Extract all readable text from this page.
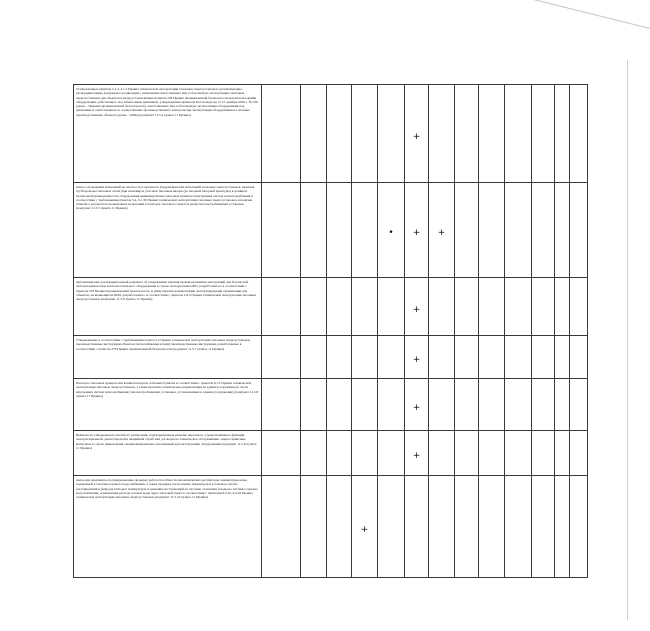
Установленные пунктом 2.1.2, 2.1.3 Правил технической эксплуатации тепловых энергоустановок организационно-распорядительные документы организации о назначении ответственных лиц за безопасную эксплуатацию тепловых энергоустановок для объектов и (или) установленные пунктом 228 Правил промышленной безопасности при использовании оборудования, работающего под избыточным давлением, утвержденных приказом Ростехнадзора от 15 декабря 2020 г. № 536 (далее – Правила промышленной безопасности), ответственных лиц за безопасную эксплуатацию оборудования под давлением и ответственных за осуществление производственного контроля при эксплуатации оборудования на опасных производственных объектах (далее – ОПО) (подпункт 11.5.4 пункта 11 Правил)						+							
Акты о проведении испытаний на плотность и прочность (гидравлических испытаний тепловых энергоустановок, включая трубопроводы тепловых сетей (при наличии) и участков тепловых вводов (до входной запорной арматуры) в границах балансовой принадлежности, оборудования индивидуальных тепловых пунктов и внутренних систем теплопотребления в соответствии с требованиями пунктов 5.4, 9.1.39 Правил технической эксплуатации тепловых энергоустановок и наличие записей о результатах проведенных испытаний в паспорте теплового пункта и (или) теплопотребляющих установок (подпункт 11.5.5 пункта 11 Правил)					•	+	+						
Организационно-распорядительный документ об утверждении перечня производственных инструкций для безопасной эксплуатации котлов и вспомогательного оборудования в случае эксплуатации ОПО, разработанного в соответствии с пунктом 278 Правил промышленной безопасности, и (или) перечня документации эксплуатирующей организации для объектов, не являющихся ОПО, разработанного в соответствии с пунктом 2.8.2 Правил технической эксплуатации тепловых энергоустановок (подпункт 11.5.6 пункта 11 Правил)						+							
Утвержденные в соответствии с требованиями пункта 2.2 Правил технической эксплуатации тепловых энергоустановок производственные инструкции объектов теплоснабжения и (или) производственные инструкции, разработанные в соответствии с пунктом 278 Правил промышленной безопасности (подпункт 11.5.7 пункта 11 Правил)						+							
Паспорта тепловых пунктов или копии паспортов тепловых пунктов в соответствии с пунктом 9.1.5 Правил технической эксплуатации тепловых энергоустановок, а также проектно-техническая документация на здание (сооружение) в части внутренних систем теплоснабжения (теплопотребляющих установок, установленных в здании (сооружении) (подпункт 11.5.8 пункта 11 Правил)						+							
Выписка из утвержденного штатного расписания, подтверждающая наличие персонала, осуществляющего функции эксплуатационной, диспетчерской и аварийной служб или договоры на техническое обслуживание, энергосервисные контракты в случае привлечения специализированных организаций для эксплуатации оборудования (подпункт 11.5.9 пункта 11 Правил)						+							
Акты или документы, подтверждающие проверку работоспособности автоматических регуляторов температуры воды, подаваемой в системы горячего водоснабжения, а также проверку настроечных параметров и установок систем регулирования и (или) регуляторов температуры и давления поступающей на системы отопления и воды на системы горячего водоснабжения, ограничения расхода сетевой воды через тепловой пункт в соответствии с пунктами 9.2.22, 9.4.18 Правил технической эксплуатации тепловых энергоустановок (подпункт 11.5.10 пункта 11 Правил)				+									
